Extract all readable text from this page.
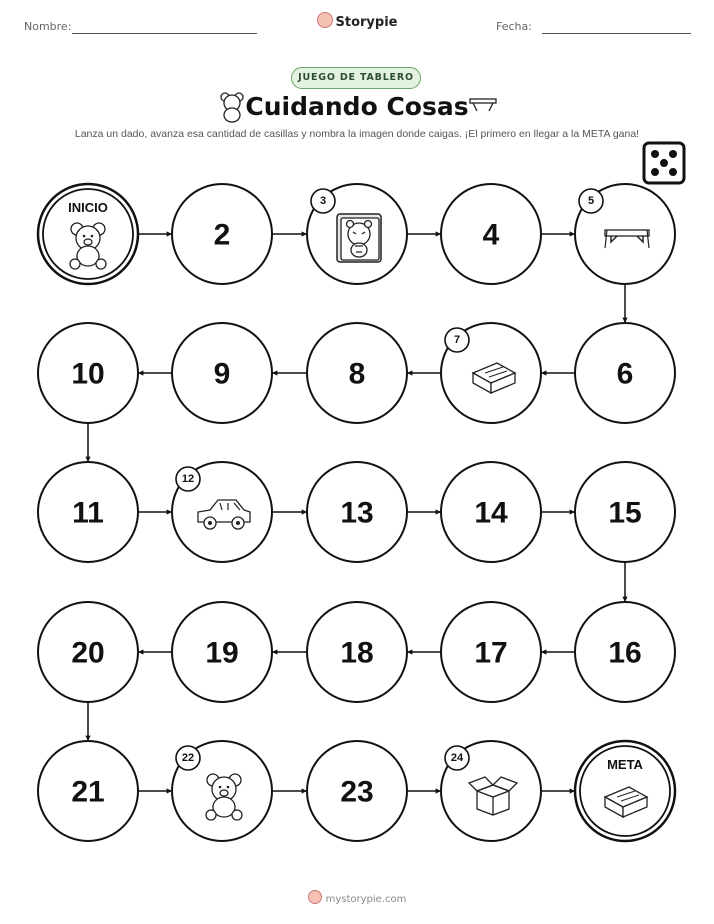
Nombre:	Storypie	Fecha:
JUEGO DE TABLERO
Cuidando Cosas
Lanza un dado, avanza esa cantidad de casillas y nombra la imagen donde caigas. ¡El primero en llegar a la META gana!
INICIO
2
3
4
5
6
7
8
9
10
11
12
13	14	15
16
17
18
19
20
21
22
23
24	META
mystorypie.com
